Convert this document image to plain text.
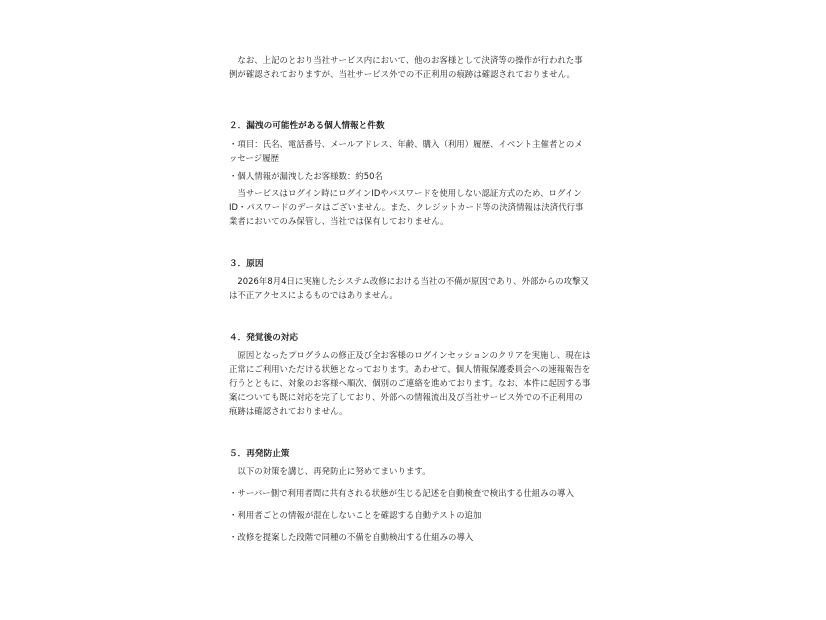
なお、上記のとおり当社サービス内において、他のお客様として決済等の操作が行われた事例が確認されておりますが、当社サービス外での不正利用の痕跡は確認されておりません。

２．漏洩の可能性がある個人情報と件数

・項目：氏名、電話番号、メールアドレス、年齢、購入（利用）履歴、イベント主催者とのメッセージ履歴

・個人情報が漏洩したお客様数：約50名

当サービスはログイン時にログインIDやパスワードを使用しない認証方式のため、ログインID・パスワードのデータはございません。また、クレジットカード等の決済情報は決済代行事業者においてのみ保管し、当社では保有しておりません。

３．原因

2026年8月4日に実施したシステム改修における当社の不備が原因であり、外部からの攻撃又は不正アクセスによるものではありません。

４．発覚後の対応

原因となったプログラムの修正及び全お客様のログインセッションのクリアを実施し、現在は正常にご利用いただける状態となっております。あわせて、個人情報保護委員会への速報報告を行うとともに、対象のお客様へ順次、個別のご連絡を進めております。なお、本件に起因する事案についても既に対応を完了しており、外部への情報流出及び当社サービス外での不正利用の痕跡は確認されておりません。

５．再発防止策

以下の対策を講じ、再発防止に努めてまいります。

・サーバー側で利用者間に共有される状態が生じる記述を自動検査で検出する仕組みの導入

・利用者ごとの情報が混在しないことを確認する自動テストの追加

・改修を提案した段階で同種の不備を自動検出する仕組みの導入
